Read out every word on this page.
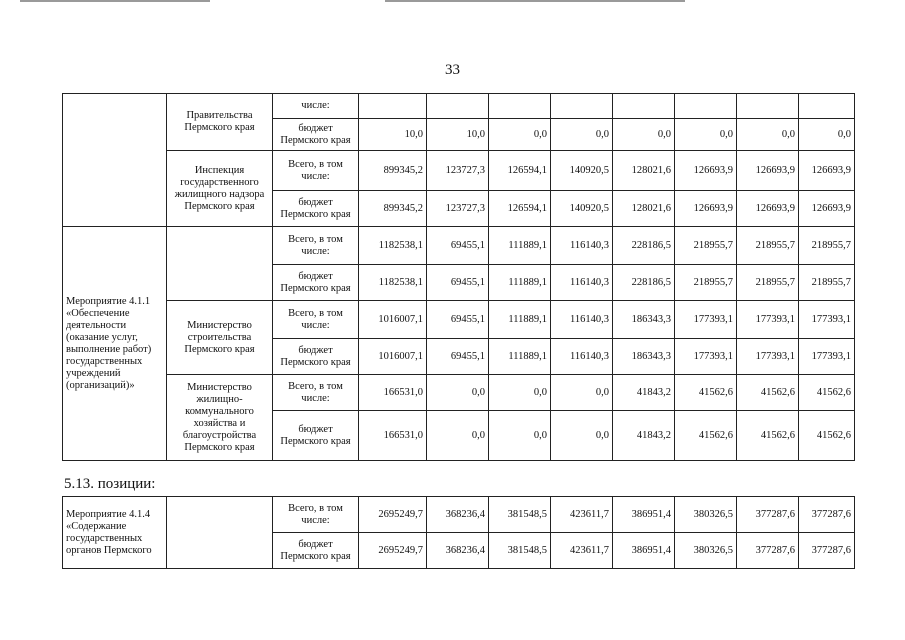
33
	Правительства Пермского края	числе:								
		бюджет Пермского края	10,0	10,0	0,0	0,0	0,0	0,0	0,0	0,0
	Инспекция государственного жилищного надзора Пермского края	Всего, в том числе:	899345,2	123727,3	126594,1	140920,5	128021,6	126693,9	126693,9	126693,9
		бюджет Пермского края	899345,2	123727,3	126594,1	140920,5	128021,6	126693,9	126693,9	126693,9
Мероприятие 4.1.1 «Обеспечение деятельности (оказание услуг, выполнение работ) государственных учреждений (организаций)»		Всего, в том числе:	1182538,1	69455,1	111889,1	116140,3	228186,5	218955,7	218955,7	218955,7
		бюджет Пермского края	1182538,1	69455,1	111889,1	116140,3	228186,5	218955,7	218955,7	218955,7
	Министерство строительства Пермского края	Всего, в том числе:	1016007,1	69455,1	111889,1	116140,3	186343,3	177393,1	177393,1	177393,1
		бюджет Пермского края	1016007,1	69455,1	111889,1	116140,3	186343,3	177393,1	177393,1	177393,1
	Министерство жилищно-коммунального хозяйства и благоустройства Пермского края	Всего, в том числе:	166531,0	0,0	0,0	0,0	41843,2	41562,6	41562,6	41562,6
		бюджет Пермского края	166531,0	0,0	0,0	0,0	41843,2	41562,6	41562,6	41562,6
5.13. позиции:
Мероприятие 4.1.4 «Содержание государственных органов Пермского		Всего, в том числе:	2695249,7	368236,4	381548,5	423611,7	386951,4	380326,5	377287,6	377287,6
		бюджет Пермского края	2695249,7	368236,4	381548,5	423611,7	386951,4	380326,5	377287,6	377287,6
